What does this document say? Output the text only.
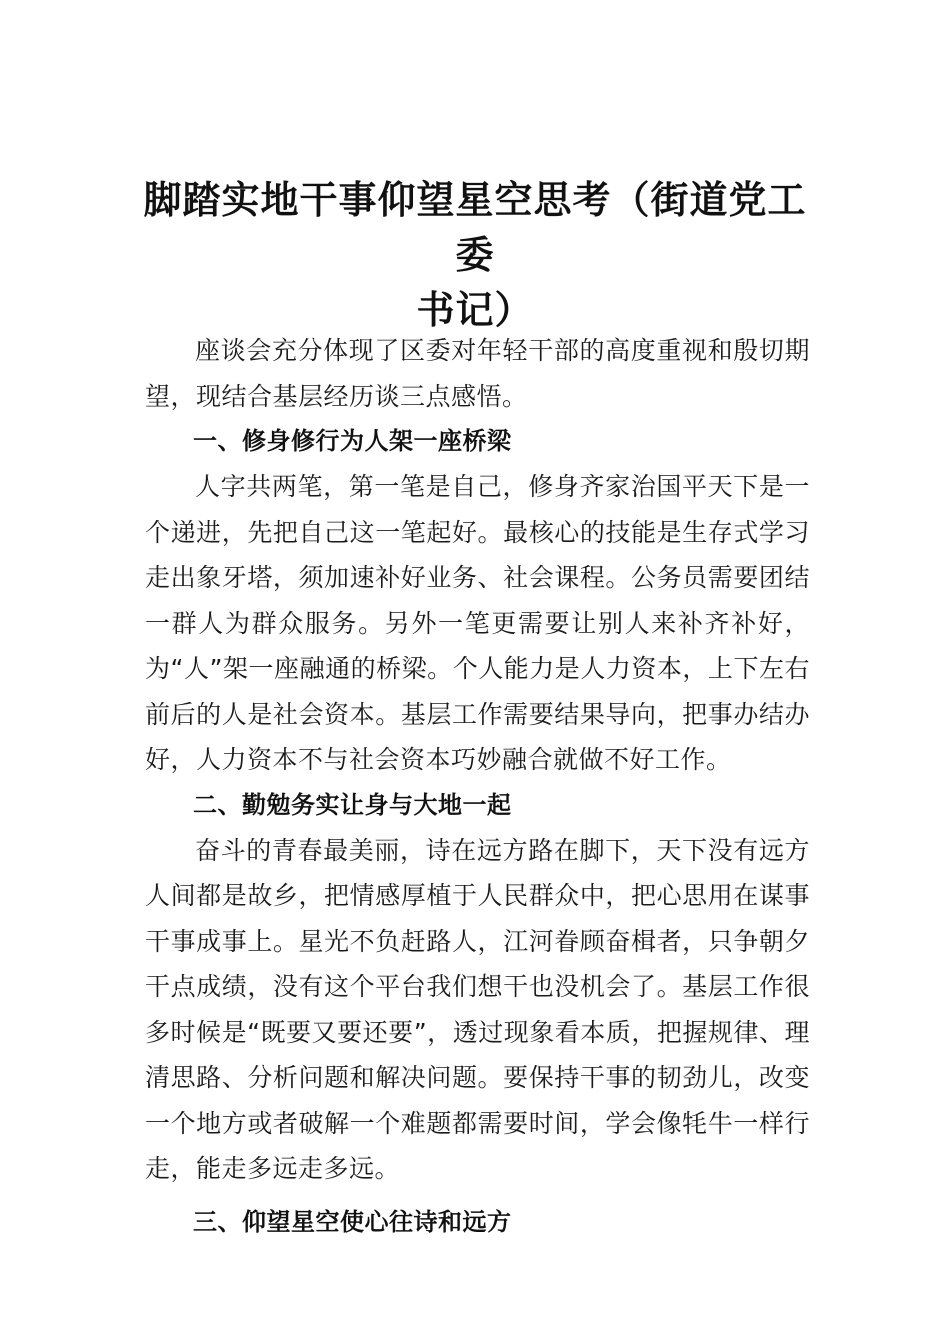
脚踏实地干事仰望星空思考（街道党工委
书记）

座谈会充分体现了区委对年轻干部的高度重视和殷切期望，现结合基层经历谈三点感悟。

一、修身修行为人架一座桥梁

人字共两笔，第一笔是自己，修身齐家治国平天下是一个递进，先把自己这一笔起好。最核心的技能是生存式学习走出象牙塔，须加速补好业务、社会课程。公务员需要团结一群人为群众服务。另外一笔更需要让别人来补齐补好，为“人”架一座融通的桥梁。个人能力是人力资本，上下左右前后的人是社会资本。基层工作需要结果导向，把事办结办好，人力资本不与社会资本巧妙融合就做不好工作。

二、勤勉务实让身与大地一起

奋斗的青春最美丽，诗在远方路在脚下，天下没有远方人间都是故乡，把情感厚植于人民群众中，把心思用在谋事干事成事上。星光不负赶路人，江河眷顾奋楫者，只争朝夕干点成绩，没有这个平台我们想干也没机会了。基层工作很多时候是“既要又要还要”，透过现象看本质，把握规律、理清思路、分析问题和解决问题。要保持干事的韧劲儿，改变一个地方或者破解一个难题都需要时间，学会像牦牛一样行走，能走多远走多远。

三、仰望星空使心往诗和远方
